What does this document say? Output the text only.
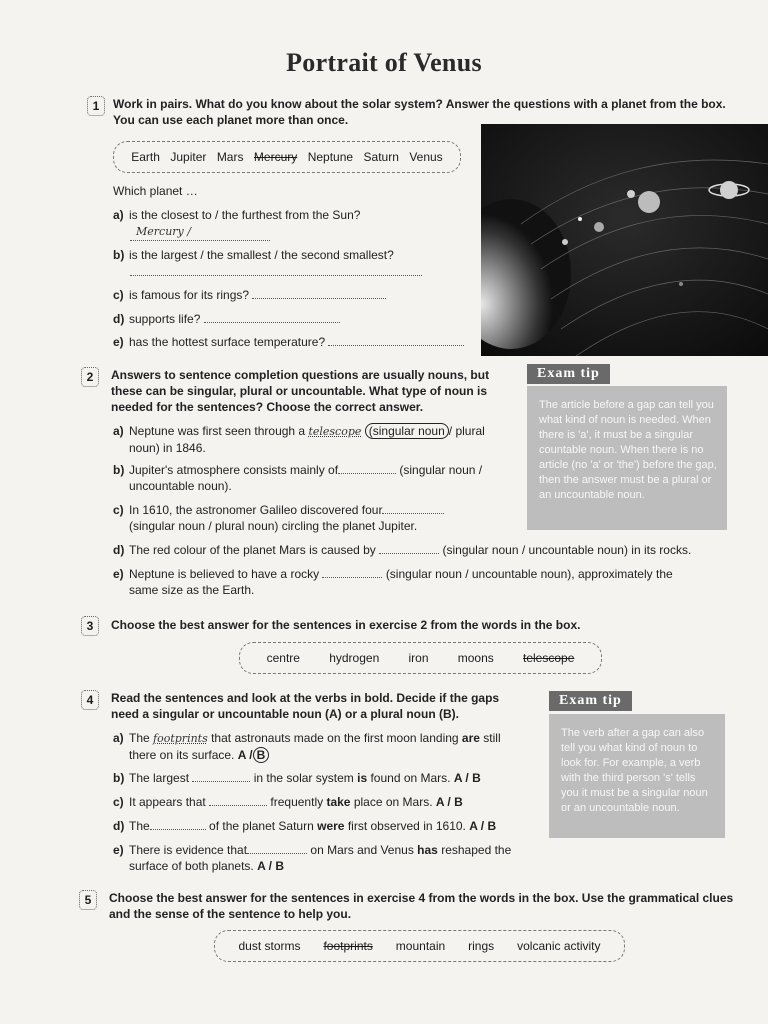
Portrait of Venus
1	Work in pairs. What do you know about the solar system? Answer the questions with a planet from the box. You can use each planet more than once.
Earth Jupiter Mars Mercury Neptune Saturn Venus
Which planet …
a) is the closest to / the furthest from the Sun?
Mercury /
b) is the largest / the smallest / the second smallest?
c) is famous for its rings?
d) supports life?
e) has the hottest surface temperature?
2	Answers to sentence completion questions are usually nouns, but these can be singular, plural or uncountable. What type of noun is needed for the sentences? Choose the correct answer.
a) Neptune was first seen through a telescope (singular noun / plural
noun) in 1846.
b) Jupiter's atmosphere consists mainly of	(singular noun /
uncountable noun).
c) In 1610, the astronomer Galileo discovered four
(singular noun / plural noun) circling the planet Jupiter.
d) The red colour of the planet Mars is caused by	(singular noun / uncountable noun) in its rocks.
e) Neptune is believed to have a rocky	(singular noun / uncountable noun), approximately the
same size as the Earth.
Exam tip
The article before a gap can tell you what kind of noun is needed. When there is 'a', it must be a singular countable noun. When there is no article (no 'a' or 'the') before the gap, then the answer must be a plural or an uncountable noun.
3	Choose the best answer for the sentences in exercise 2 from the words in the box.
centre hydrogen iron moons telescope
4	Read the sentences and look at the verbs in bold. Decide if the gaps need a singular or uncountable noun (A) or a plural noun (B).
a) The footprints that astronauts made on the first moon landing are still
there on its surface. A / B
b) The largest	in the solar system is found on Mars. A / B
c) It appears that	frequently take place on Mars. A / B
d) The	of the planet Saturn were first observed in 1610. A / B
e) There is evidence that	on Mars and Venus has reshaped the
surface of both planets. A / B
Exam tip
The verb after a gap can also tell you what kind of noun to look for. For example, a verb with the third person 's' tells you it must be a singular noun or an uncountable noun.
5	Choose the best answer for the sentences in exercise 4 from the words in the box. Use the grammatical clues and the sense of the sentence to help you.
dust storms footprints mountain rings volcanic activity
